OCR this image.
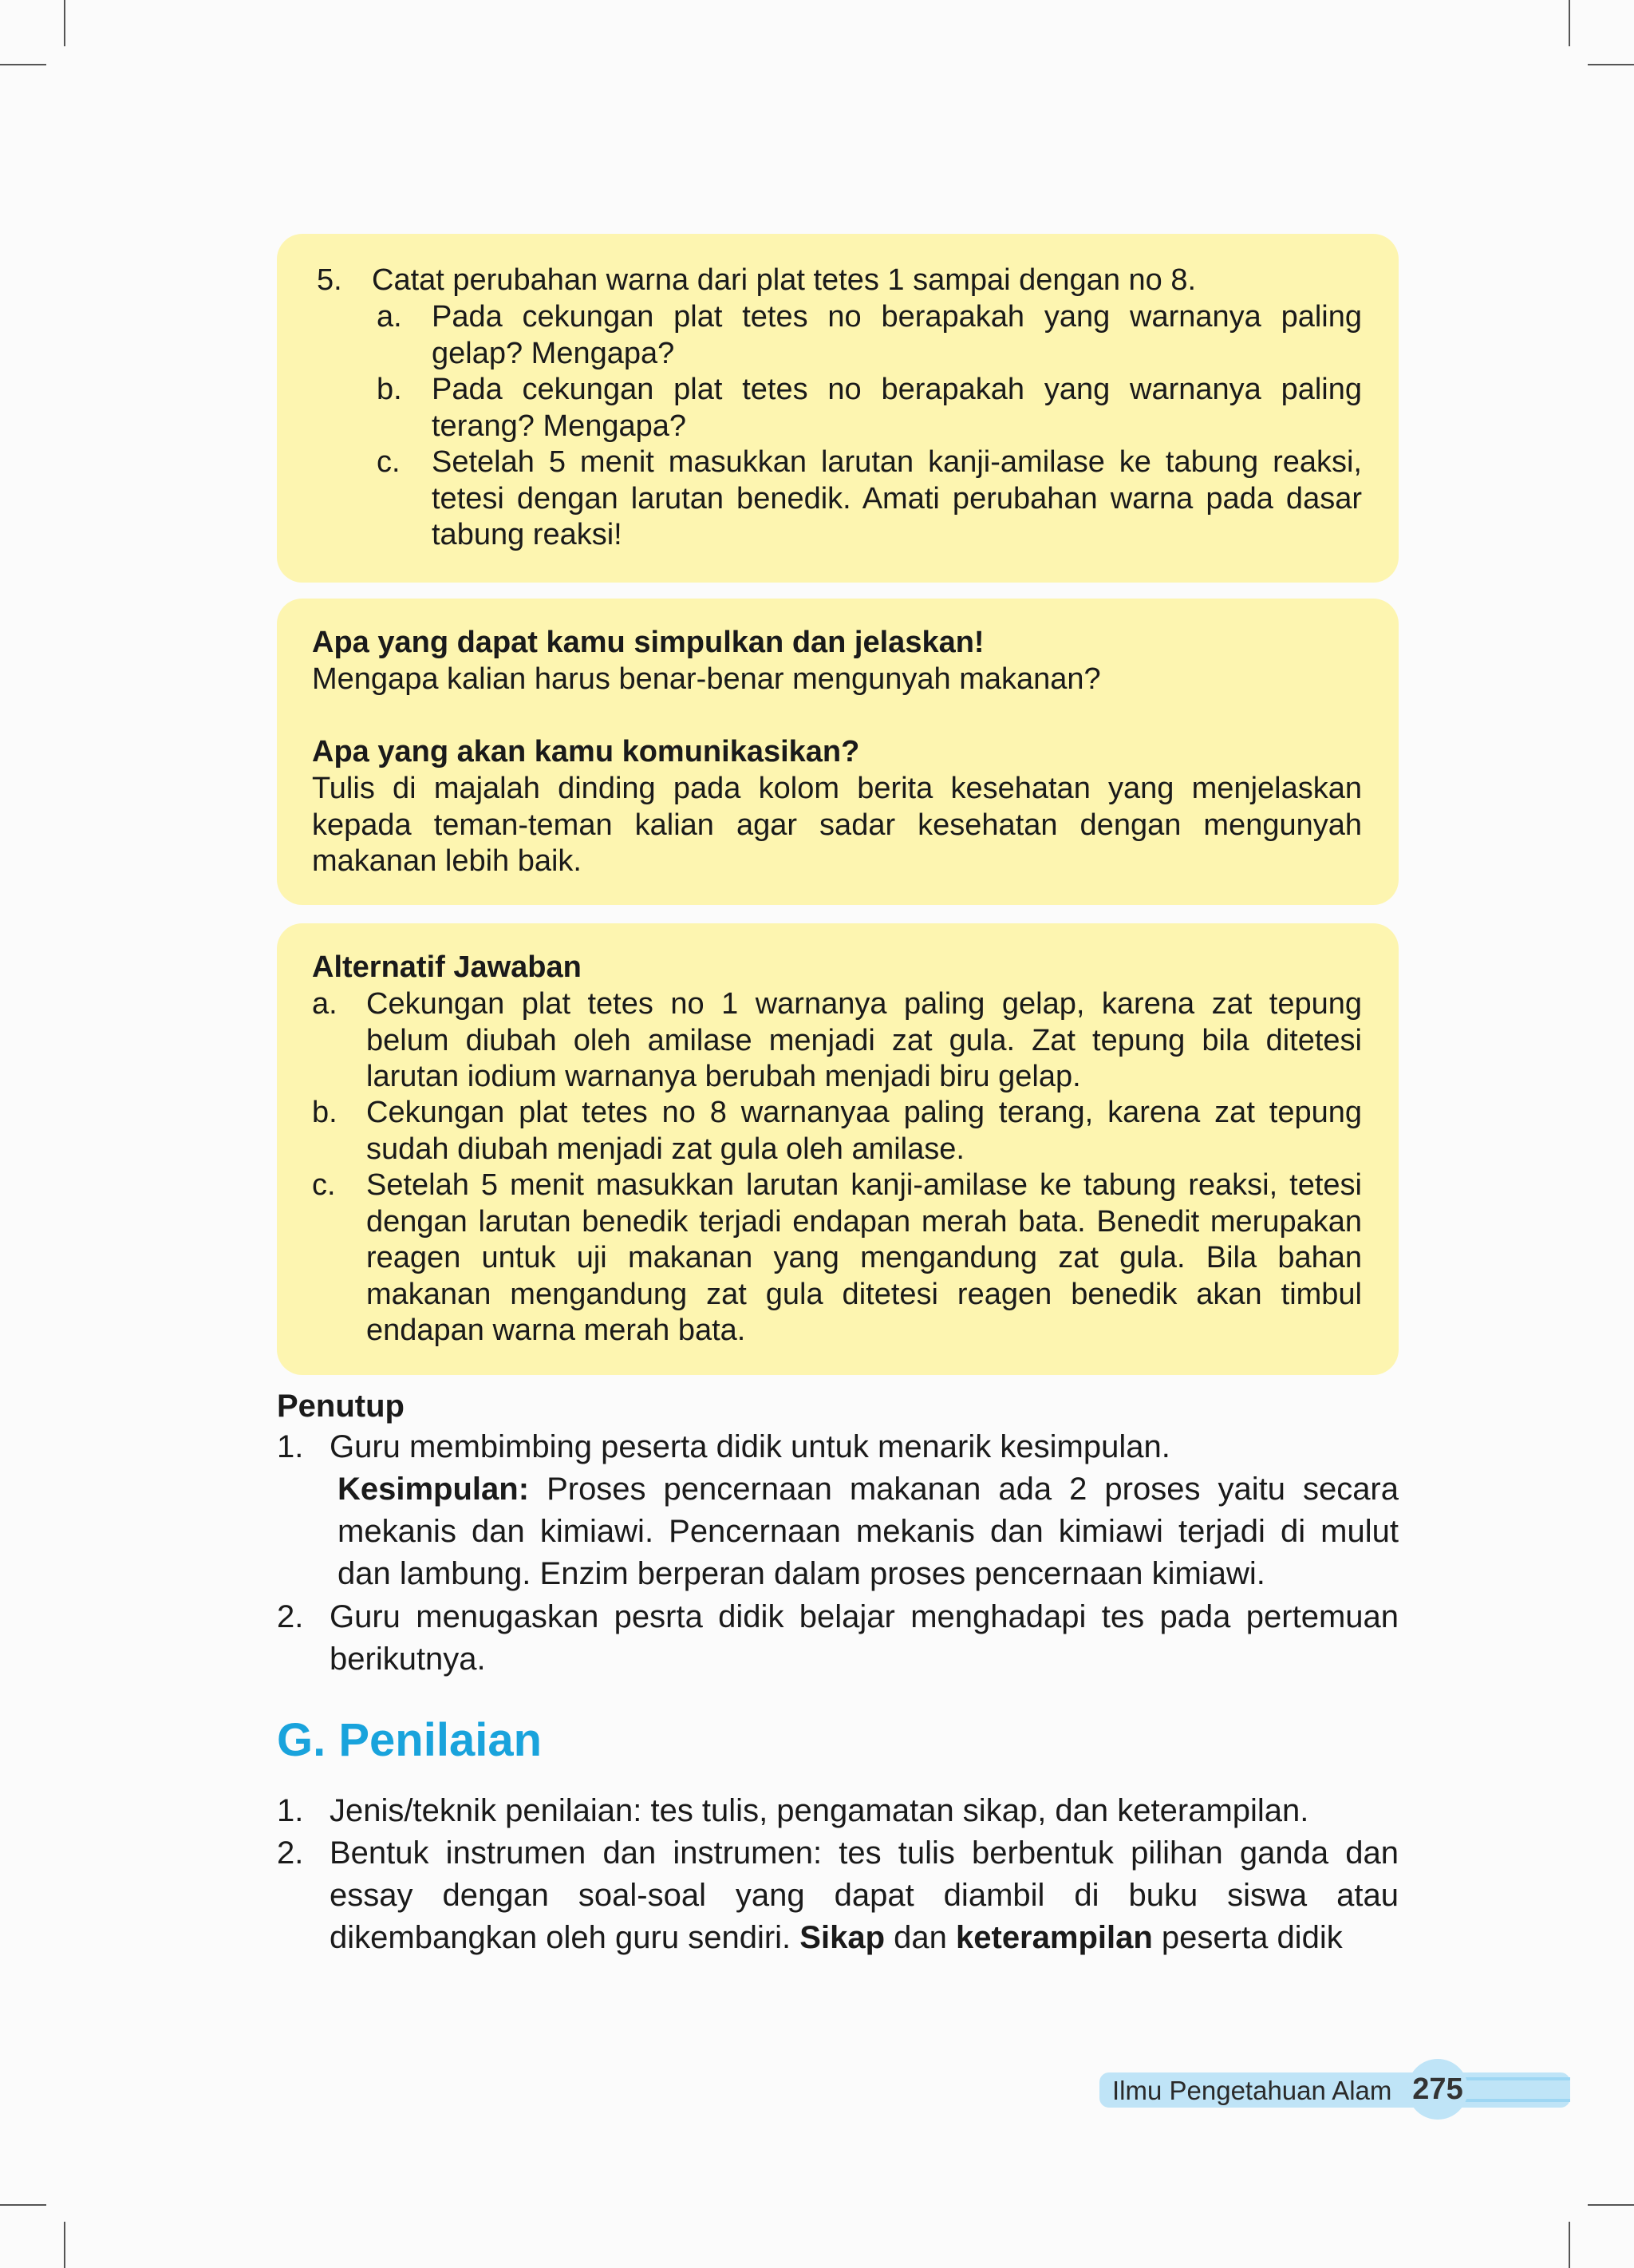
5. Catat perubahan warna dari plat tetes 1 sampai dengan no 8.
a. Pada cekungan plat tetes no berapakah yang warnanya paling gelap? Mengapa?
b. Pada cekungan plat tetes no berapakah yang warnanya paling terang? Mengapa?
c.	Setelah 5 menit masukkan larutan kanji-amilase ke tabung reaksi, tetesi dengan larutan benedik. Amati perubahan warna pada dasar tabung reaksi!
Apa yang dapat kamu simpulkan dan jelaskan!
Mengapa kalian harus benar-benar mengunyah makanan?
Apa yang akan kamu komunikasikan?
Tulis di majalah dinding pada kolom berita kesehatan yang menjelaskan kepada teman-teman kalian agar sadar kesehatan dengan mengunyah makanan lebih baik.
Alternatif Jawaban
a. Cekungan plat tetes no 1 warnanya paling gelap, karena zat tepung belum diubah oleh amilase menjadi zat gula. Zat tepung bila ditetesi larutan iodium warnanya berubah menjadi biru gelap.
b. Cekungan plat tetes no 8 warnanyaa paling terang, karena zat tepung sudah diubah menjadi zat gula oleh amilase.
c.	Setelah 5 menit masukkan larutan kanji-amilase ke tabung reaksi, tetesi dengan larutan benedik terjadi endapan merah bata. Benedit merupakan reagen untuk uji makanan yang mengandung zat gula. Bila bahan makanan mengandung zat gula ditetesi reagen benedik akan timbul endapan warna merah bata.
Penutup
1. Guru membimbing peserta didik untuk menarik kesimpulan.
Kesimpulan: Proses pencernaan makanan ada 2 proses yaitu secara mekanis dan kimiawi. Pencernaan mekanis dan kimiawi terjadi di mulut dan lambung. Enzim berperan dalam proses pencernaan kimiawi.
2. Guru menugaskan pesrta didik belajar menghadapi tes pada pertemuan berikutnya.
G. Penilaian
1. Jenis/teknik penilaian: tes tulis, pengamatan sikap, dan keterampilan.
2. Bentuk instrumen dan instrumen: tes tulis berbentuk pilihan ganda dan essay dengan soal-soal yang dapat diambil di buku siswa atau dikembangkan oleh guru sendiri. Sikap dan keterampilan peserta didik
Ilmu Pengetahuan Alam 275
